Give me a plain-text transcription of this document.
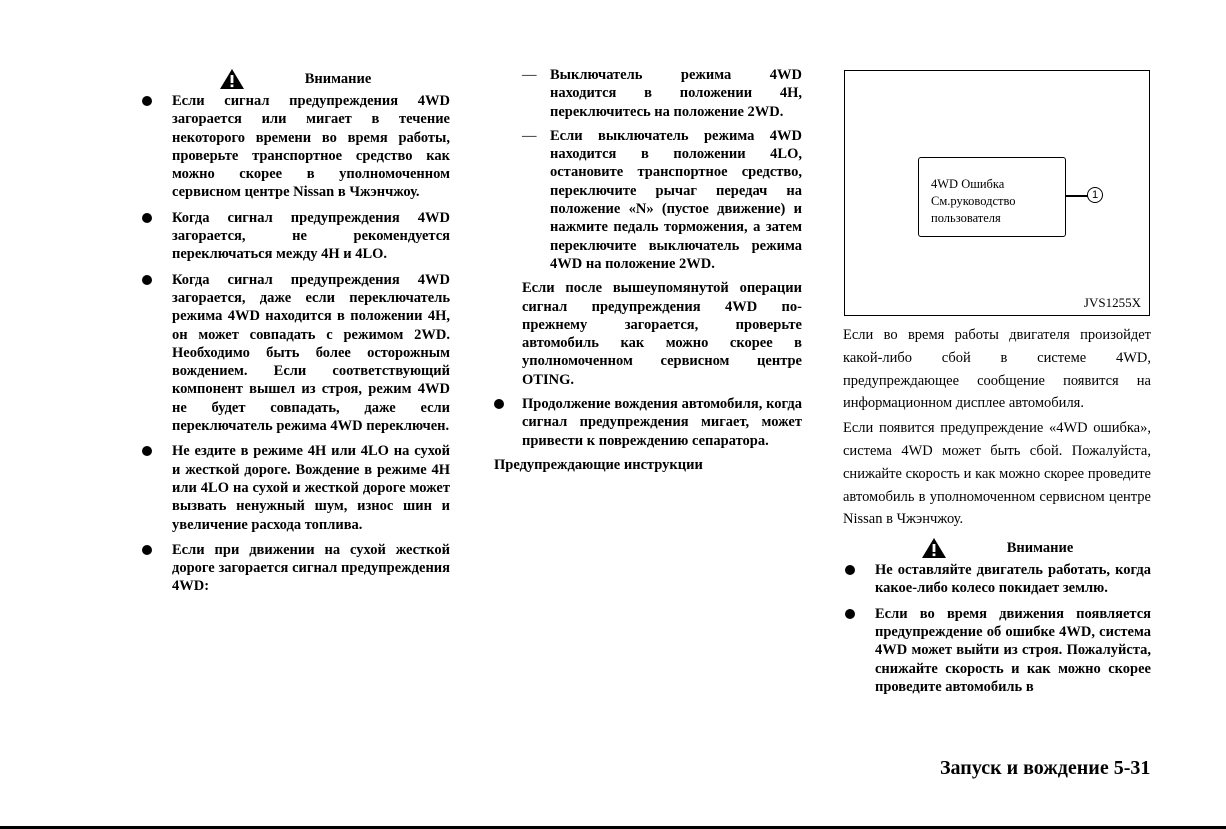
Внимание
Если сигнал предупреждения 4WD загорается или мигает в течение некоторого времени во время работы, проверьте транспортное средство как можно скорее в уполномоченном сервисном центре Nissan в Чжэнчжоу.
Когда сигнал предупреждения 4WD загорается, не рекомендуется переключаться между 4H и 4LO.
Когда сигнал предупреждения 4WD загорается, даже если переключатель режима 4WD находится в положении 4H, он может совпадать с режимом 2WD. Необходимо быть более осторожным вождением. Если соответствующий компонент вышел из строя, режим 4WD не будет совпадать, даже если переключатель режима 4WD переключен.
Не ездите в режиме 4H или 4LO на сухой и жесткой дороге. Вождение в режиме 4H или 4LO на сухой и жесткой дороге может вызвать ненужный шум, износ шин и увеличение расхода топлива.
Если при движении на сухой жесткой дороге загорается сигнал предупреждения 4WD:
— Выключатель режима 4WD находится в положении 4H, переключитесь на положение 2WD.
— Если выключатель режима 4WD находится в положении 4LO, остановите транспортное средство, переключите рычаг передач на положение «N» (пустое движение) и нажмите педаль торможения, а затем переключите выключатель режима 4WD на положение 2WD.
Если после вышеупомянутой операции сигнал предупреждения 4WD по-прежнему загорается, проверьте автомобиль как можно скорее в уполномоченном сервисном центре OTING.
Продолжение вождения автомобиля, когда сигнал предупреждения мигает, может привести к повреждению сепаратора.
Предупреждающие инструкции
4WD Ошибка
См.руководство
пользователя
1
JVS1255X
Если во время работы двигателя произойдет какой-либо сбой в системе 4WD, предупреждающее сообщение появится на информационном дисплее автомобиля.
Если появится предупреждение «4WD ошибка», система 4WD может быть сбой. Пожалуйста, снижайте скорость и как можно скорее проведите автомобиль в уполномоченном сервисном центре Nissan в Чжэнчжоу.
Внимание
Не оставляйте двигатель работать, когда какое-либо колесо покидает землю.
Если во время движения появляется предупреждение об ошибке 4WD, система 4WD может выйти из строя. Пожалуйста, снижайте скорость и как можно скорее проведите автомобиль в
Запуск и вождение 5-31
